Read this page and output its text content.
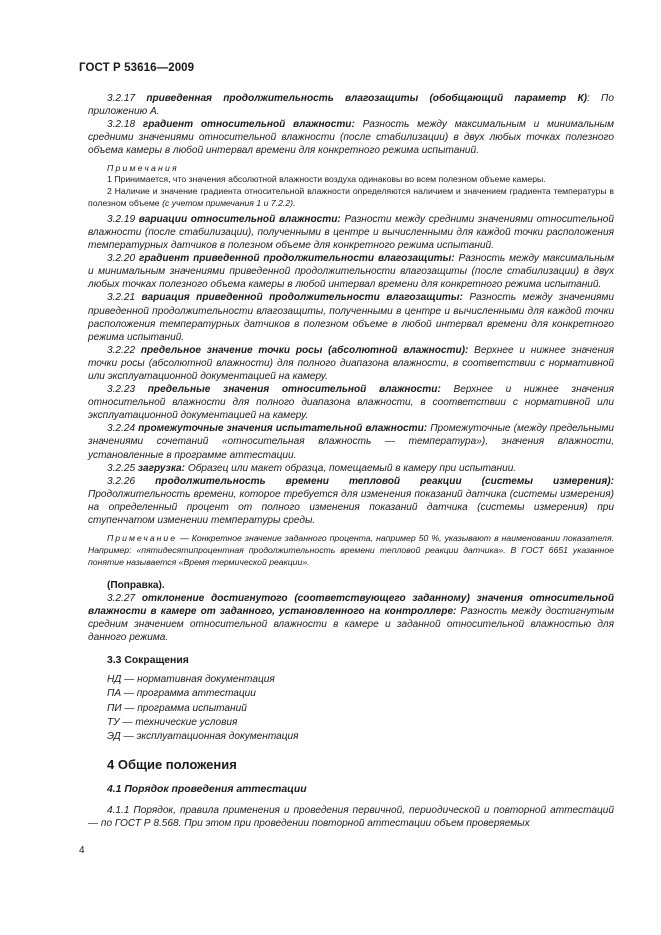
ГОСТ Р 53616—2009

3.2.17 приведенная продолжительность влагозащиты (обобщающий параметр К): По приложению А.

3.2.18 градиент относительной влажности: Разность между максимальным и минимальным средними значениями относительной влажности (после стабилизации) в двух любых точках полезного объема камеры в любой интервал времени для конкретного режима испытаний.

Примечания

1 Принимается, что значения абсолютной влажности воздуха одинаковы во всем полезном объеме камеры.

2 Наличие и значение градиента относительной влажности определяются наличием и значением градиента температуры в полезном объеме (с учетом примечания 1 и 7.2.2).

3.2.19 вариации относительной влажности: Разности между средними значениями относительной влажности (после стабилизации), полученными в центре и вычисленными для каждой точки расположения температурных датчиков в полезном объеме для конкретного режима испытаний.

3.2.20 градиент приведенной продолжительности влагозащиты: Разность между максимальным и минимальным значениями приведенной продолжительности влагозащиты (после стабилизации) в двух любых точках полезного объема камеры в любой интервал времени для конкретного режима испытаний.

3.2.21 вариация приведенной продолжительности влагозащиты: Разность между значениями приведенной продолжительности влагозащиты, полученными в центре и вычисленными для каждой точки расположения температурных датчиков в полезном объеме в любой интервал времени для конкретного режима испытаний.

3.2.22 предельное значение точки росы (абсолютной влажности): Верхнее и нижнее значения точки росы (абсолютной влажности) для полного диапазона влажности, в соответствии с нормативной или эксплуатационной документацией на камеру.

3.2.23 предельные значения относительной влажности: Верхнее и нижнее значения относительной влажности для полного диапазона влажности, в соответствии с нормативной или эксплуатационной документацией на камеру.

3.2.24 промежуточные значения испытательной влажности: Промежуточные (между предельными значениями сочетаний «относительная влажность — температура»), значения влажности, установленные в программе аттестации.

3.2.25 загрузка: Образец или макет образца, помещаемый в камеру при испытании.

3.2.26 продолжительность времени тепловой реакции (системы измерения): Продолжительность времени, которое требуется для изменения показаний датчика (системы измерения) на определенный процент от полного изменения показаний датчика (системы измерения) при ступенчатом изменении температуры среды.

Примечание — Конкретное значение заданного процента, например 50 %, указывают в наименовании показателя. Например: «пятидесятипроцентная продолжительность времени тепловой реакции датчика». В ГОСТ 6651 указанное понятие называется «Время термической реакции».

(Поправка).

3.2.27 отклонение достигнутого (соответствующего заданному) значения относительной влажности в камере от заданного, установленного на контроллере: Разность между достигнутым средним значением относительной влажности в камере и заданной относительной влажностью для данного режима.

3.3 Сокращения
НД — нормативная документация
ПА — программа аттестации
ПИ — программа испытаний
ТУ — технические условия
ЭД — эксплуатационная документация
4 Общие положения
4.1 Порядок проведения аттестации

4.1.1 Порядок, правила применения и проведения первичной, периодической и повторной аттестаций — по ГОСТ Р 8.568. При этом при проведении повторной аттестации объем проверяемых

4
